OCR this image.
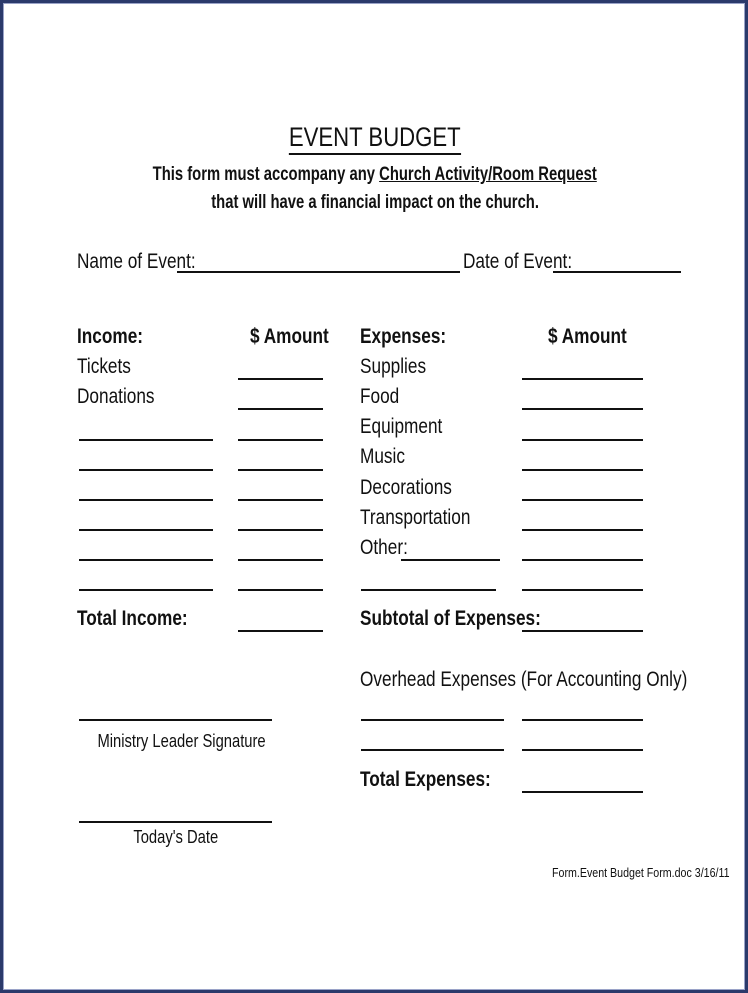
EVENT BUDGET
This form must accompany any Church Activity/Room Request
that will have a financial impact on the church.
Name of Event:	Date of Event:
Income:	$ Amount
Tickets
Donations
Total Income:
Expenses:	$ Amount
Supplies
Food
Equipment
Music
Decorations
Transportation
Other:
Subtotal of Expenses:
Overhead Expenses (For Accounting Only)
Total Expenses:
Ministry Leader Signature
Today's Date
Form.Event Budget Form.doc 3/16/11
